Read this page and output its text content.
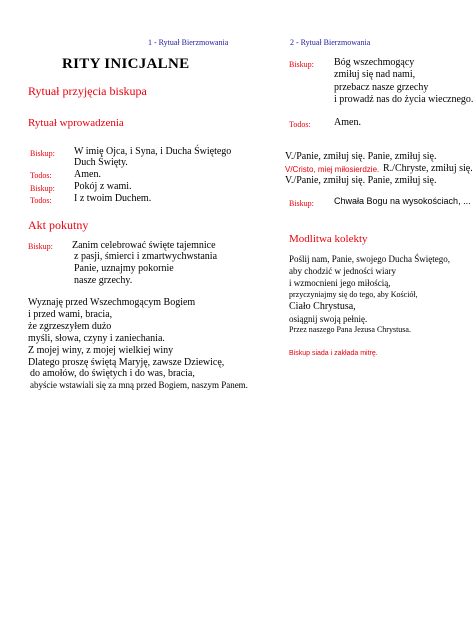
1 - Rytuał Bierzmowania
RITY INICJALNE
Rytuał przyjęcia biskupa
Rytuał wprowadzenia
Biskup: W imię Ojca, i Syna, i Ducha Świętego
Duch Święty.
Todos: Amen.
Biskup: Pokój z wami.
Todos: I z twoim Duchem.
Akt pokutny
Biskup: Zanim celebrować święte tajemnice
z pasji, śmierci i zmartwychwstania
Panie, uznajmy pokornie
nasze grzechy.
Wyznaję przed Wszechmogącym Bogiem
i przed wami, bracia,
że zgrzeszyłem dużo
myśli, słowa, czyny i zaniechania.
Z mojej winy, z mojej wielkiej winy
Dlatego proszę świętą Maryję, zawsze Dziewicę,
do amołów, do świętych i do was, bracia,
abyście wstawiali się za mną przed Bogiem, naszym Panem.
2 - Rytuał Bierzmowania
Biskup: Bóg wszechmogący
zmiłuj się nad nami,
przebacz nasze grzechy
i prowadź nas do życia wiecznego.
Todos: Amen.
V./Panie, zmiłuj się. Panie, zmiłuj się.
V/Cristo, miej miłosierdzie. R./Chryste, zmiłuj się.
V./Panie, zmiłuj się. Panie, zmiłuj się.
Biskup: Chwała Bogu na wysokościach, ...
Modlitwa kolekty
Poślij nam, Panie, swojego Ducha Świętego,
aby chodzić w jedności wiary
i wzmocnieni jego miłością,
przyczyniajmy się do tego, aby Kościół,
Ciało Chrystusa,
osiągnij swoją pełnię.
Przez naszego Pana Jezusa Chrystusa.
Biskup siada i zakłada mitrę.
